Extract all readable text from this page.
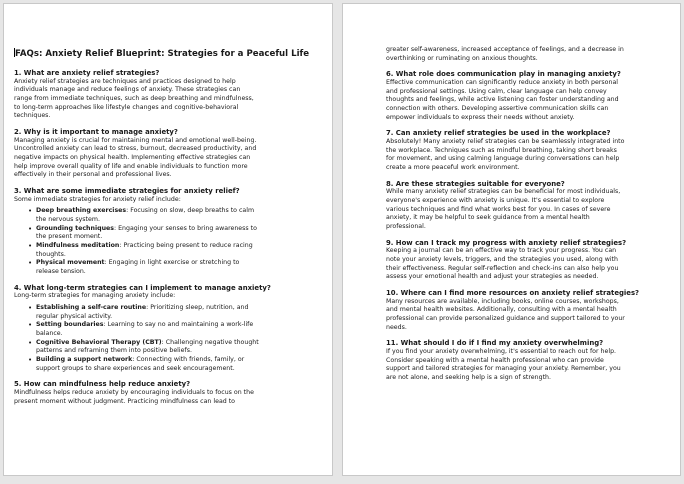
FAQs: Anxiety Relief Blueprint: Strategies for a Peaceful Life
1. What are anxiety relief strategies?
Anxiety relief strategies are techniques and practices designed to help
individuals manage and reduce feelings of anxiety. These strategies can
range from immediate techniques, such as deep breathing and mindfulness,
to long-term approaches like lifestyle changes and cognitive-behavioral
techniques.
2. Why is it important to manage anxiety?
Managing anxiety is crucial for maintaining mental and emotional well-being.
Uncontrolled anxiety can lead to stress, burnout, decreased productivity, and
negative impacts on physical health. Implementing effective strategies can
help improve overall quality of life and enable individuals to function more
effectively in their personal and professional lives.
3. What are some immediate strategies for anxiety relief?
Some immediate strategies for anxiety relief include:
• Deep breathing exercises: Focusing on slow, deep breaths to calm
the nervous system.
• Grounding techniques: Engaging your senses to bring awareness to
the present moment.
• Mindfulness meditation: Practicing being present to reduce racing
thoughts.
• Physical movement: Engaging in light exercise or stretching to
release tension.
4. What long-term strategies can I implement to manage anxiety?
Long-term strategies for managing anxiety include:
• Establishing a self-care routine: Prioritizing sleep, nutrition, and
regular physical activity.
• Setting boundaries: Learning to say no and maintaining a work-life
balance.
• Cognitive Behavioral Therapy (CBT): Challenging negative thought
patterns and reframing them into positive beliefs.
• Building a support network: Connecting with friends, family, or
support groups to share experiences and seek encouragement.
5. How can mindfulness help reduce anxiety?
Mindfulness helps reduce anxiety by encouraging individuals to focus on the
present moment without judgment. Practicing mindfulness can lead to
greater self-awareness, increased acceptance of feelings, and a decrease in
overthinking or ruminating on anxious thoughts.
6. What role does communication play in managing anxiety?
Effective communication can significantly reduce anxiety in both personal
and professional settings. Using calm, clear language can help convey
thoughts and feelings, while active listening can foster understanding and
connection with others. Developing assertive communication skills can
empower individuals to express their needs without anxiety.
7. Can anxiety relief strategies be used in the workplace?
Absolutely! Many anxiety relief strategies can be seamlessly integrated into
the workplace. Techniques such as mindful breathing, taking short breaks
for movement, and using calming language during conversations can help
create a more peaceful work environment.
8. Are these strategies suitable for everyone?
While many anxiety relief strategies can be beneficial for most individuals,
everyone's experience with anxiety is unique. It's essential to explore
various techniques and find what works best for you. In cases of severe
anxiety, it may be helpful to seek guidance from a mental health
professional.
9. How can I track my progress with anxiety relief strategies?
Keeping a journal can be an effective way to track your progress. You can
note your anxiety levels, triggers, and the strategies you used, along with
their effectiveness. Regular self-reflection and check-ins can also help you
assess your emotional health and adjust your strategies as needed.
10. Where can I find more resources on anxiety relief strategies?
Many resources are available, including books, online courses, workshops,
and mental health websites. Additionally, consulting with a mental health
professional can provide personalized guidance and support tailored to your
needs.
11. What should I do if I find my anxiety overwhelming?
If you find your anxiety overwhelming, it's essential to reach out for help.
Consider speaking with a mental health professional who can provide
support and tailored strategies for managing your anxiety. Remember, you
are not alone, and seeking help is a sign of strength.
